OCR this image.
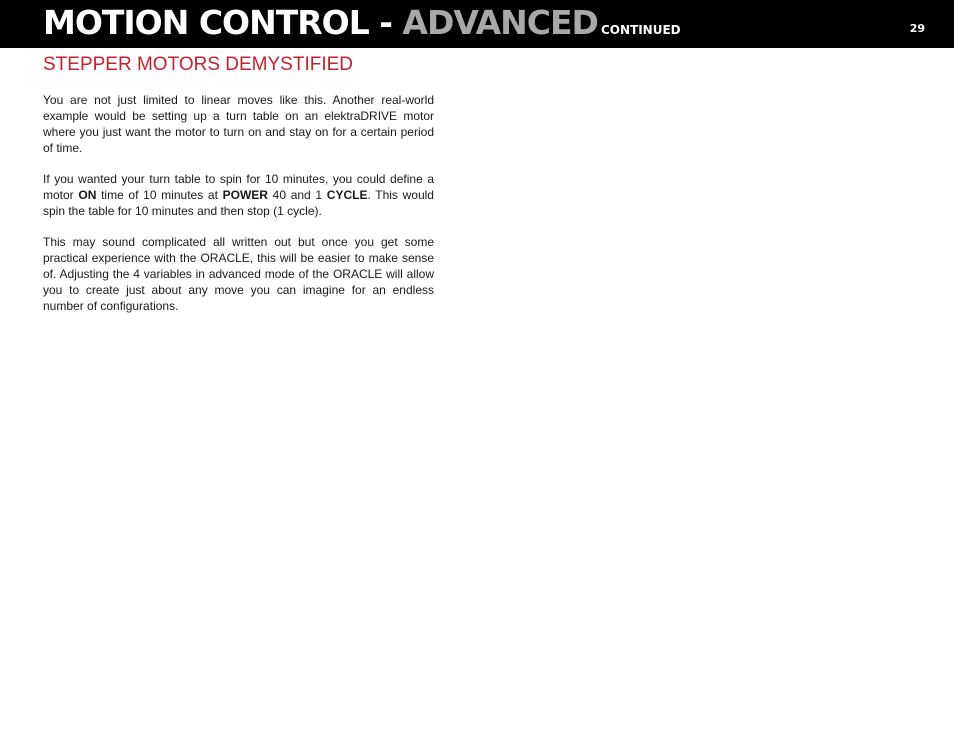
MOTION CONTROL - ADVANCED CONTINUED	29
STEPPER MOTORS DEMYSTIFIED

You are not just limited to linear moves like this. Another real-world example would be setting up a turn table on an elektraDRIVE motor where you just want the motor to turn on and stay on for a certain period of time.

If you wanted your turn table to spin for 10 minutes, you could define a motor ON time of 10 minutes at POWER 40 and 1 CYCLE. This would spin the table for 10 minutes and then stop (1 cycle).

This may sound complicated all written out but once you get some practical experience with the ORACLE, this will be easier to make sense of. Adjusting the 4 variables in advanced mode of the ORACLE will allow you to create just about any move you can imagine for an endless number of configurations.
